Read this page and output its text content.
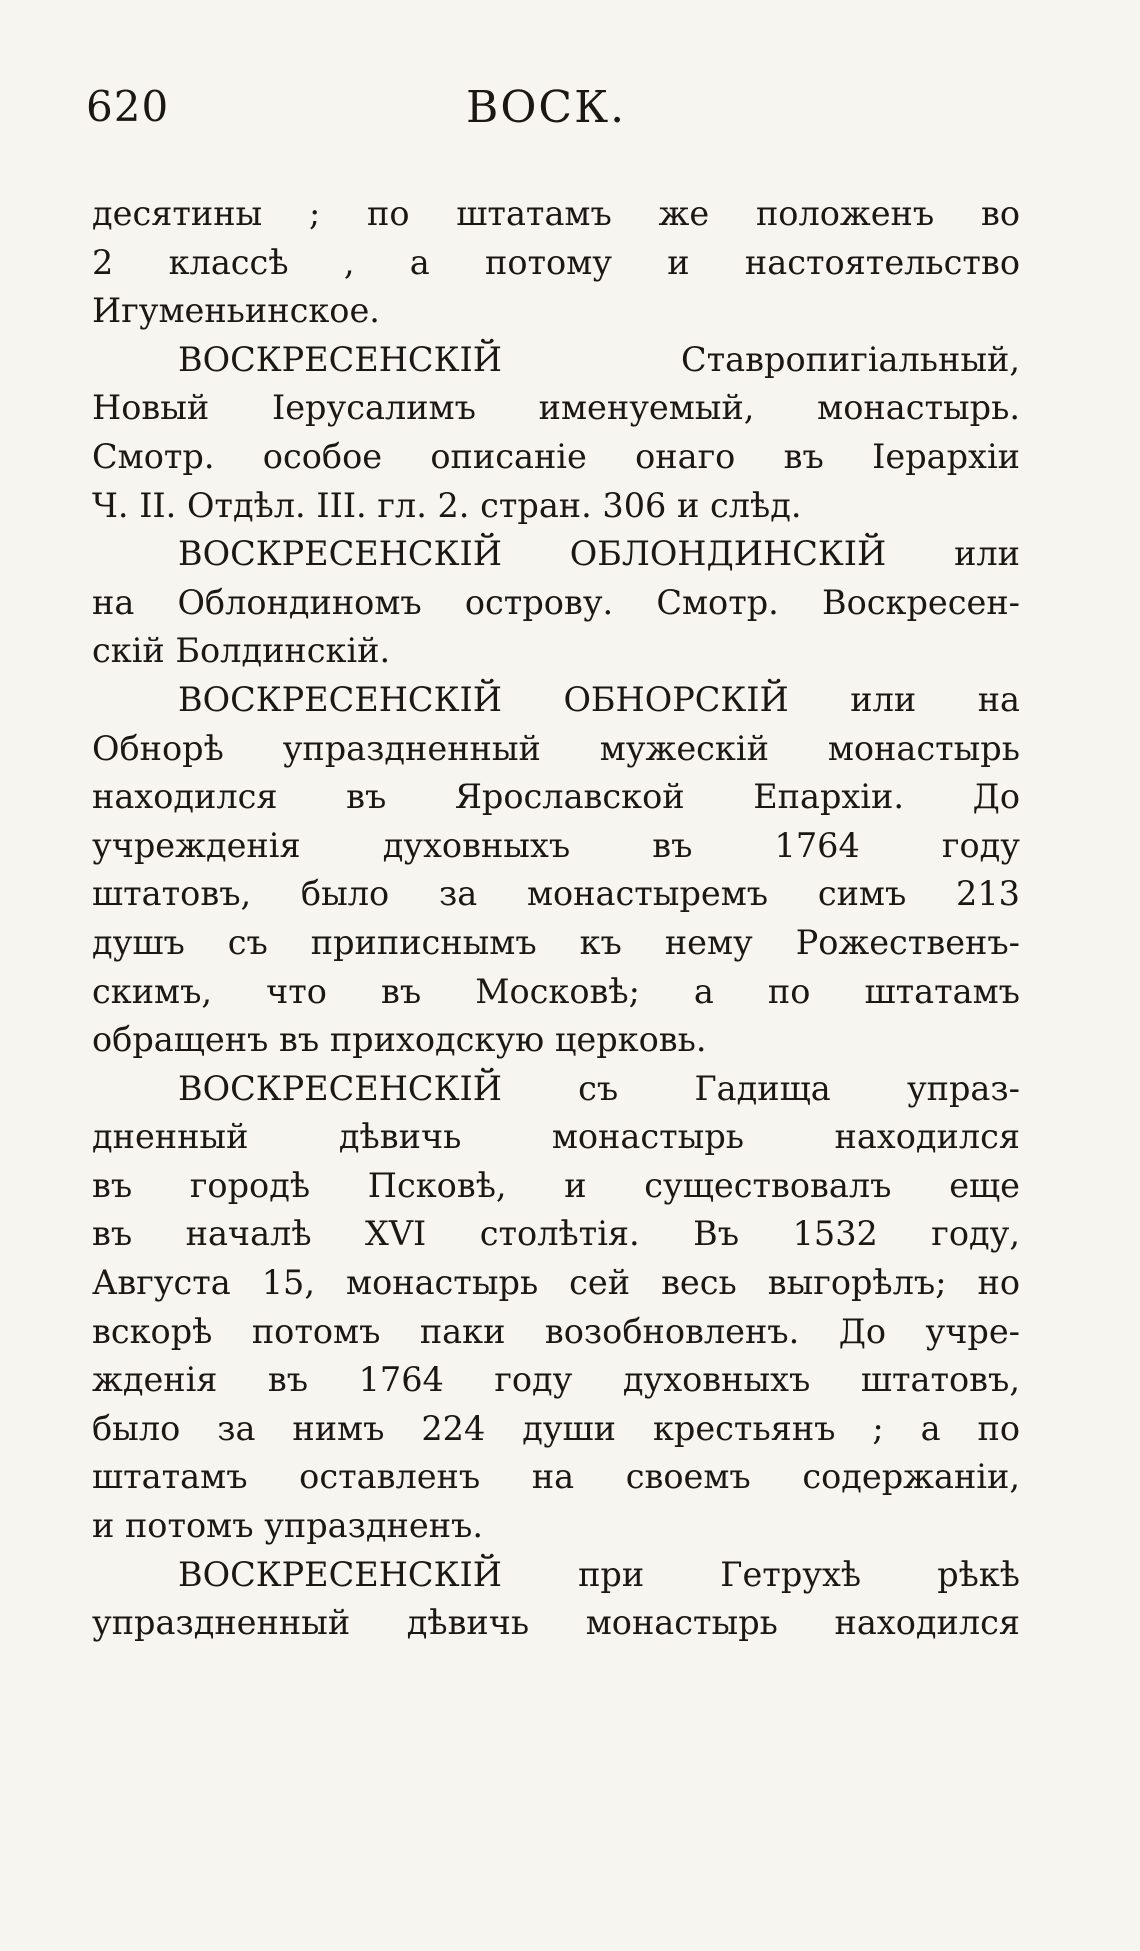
620	ВОСК.
десятины ; по штатамъ же положенъ во
2 классѣ , а потому и настоятельство
Игуменьинское.
ВОСКРЕСЕНСКІЙ Ставропигіальный,
Новый Іерусалимъ именуемый, монастырь.
Смотр. особое описаніе онаго въ Іерархіи
Ч. II. Отдѣл. III. гл. 2. стран. 306 и слѣд.
ВОСКРЕСЕНСКІЙ ОБЛОНДИНСКІЙ или
на Облондиномъ острову. Смотр. Воскресен-
скій Болдинскій.
ВОСКРЕСЕНСКІЙ ОБНОРСКІЙ или на
Обнорѣ упраздненный мужескій монастырь
находился въ Ярославской Епархіи. До
учрежденія духовныхъ въ 1764 году
штатовъ, было за монастыремъ симъ 213
душъ съ приписнымъ къ нему Рожественъ-
скимъ, что въ Московѣ; а по штатамъ
обращенъ въ приходскую церковь.
ВОСКРЕСЕНСКІЙ съ Гадища упраз-
дненный дѣвичь монастырь находился
въ городѣ Псковѣ, и существовалъ еще
въ началѣ XVI столѣтія. Въ 1532 году,
Августа 15, монастырь сей весь выгорѣлъ; но
вскорѣ потомъ паки возобновленъ. До учре-
жденія въ 1764 году духовныхъ штатовъ,
было за нимъ 224 души крестьянъ ; а по
штатамъ оставленъ на своемъ содержаніи,
и потомъ упраздненъ.
ВОСКРЕСЕНСКІЙ при Гетрухѣ рѣкѣ
упраздненный дѣвичь монастырь находился
